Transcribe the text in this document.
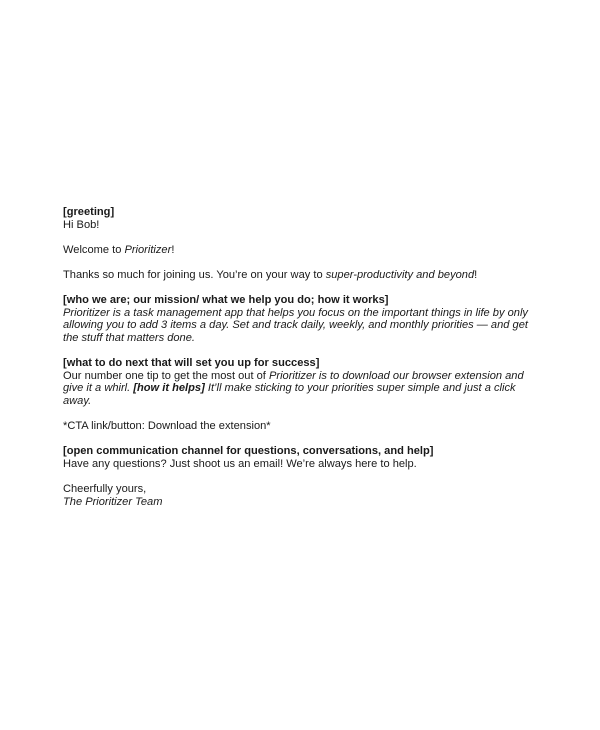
[greeting]

Hi Bob!

Welcome to Prioritizer!

Thanks so much for joining us. You’re on your way to super-productivity and beyond!

[who we are; our mission/ what we help you do; how it works]

Prioritizer is a task management app that helps you focus on the important things in life by only allowing you to add 3 items a day. Set and track daily, weekly, and monthly priorities — and get the stuff that matters done.

[what to do next that will set you up for success]

Our number one tip to get the most out of Prioritizer is to download our browser extension and give it a whirl. [how it helps] It’ll make sticking to your priorities super simple and just a click away.

*CTA link/button: Download the extension*

[open communication channel for questions, conversations, and help]

Have any questions? Just shoot us an email! We’re always here to help.

Cheerfully yours,

The Prioritizer Team
